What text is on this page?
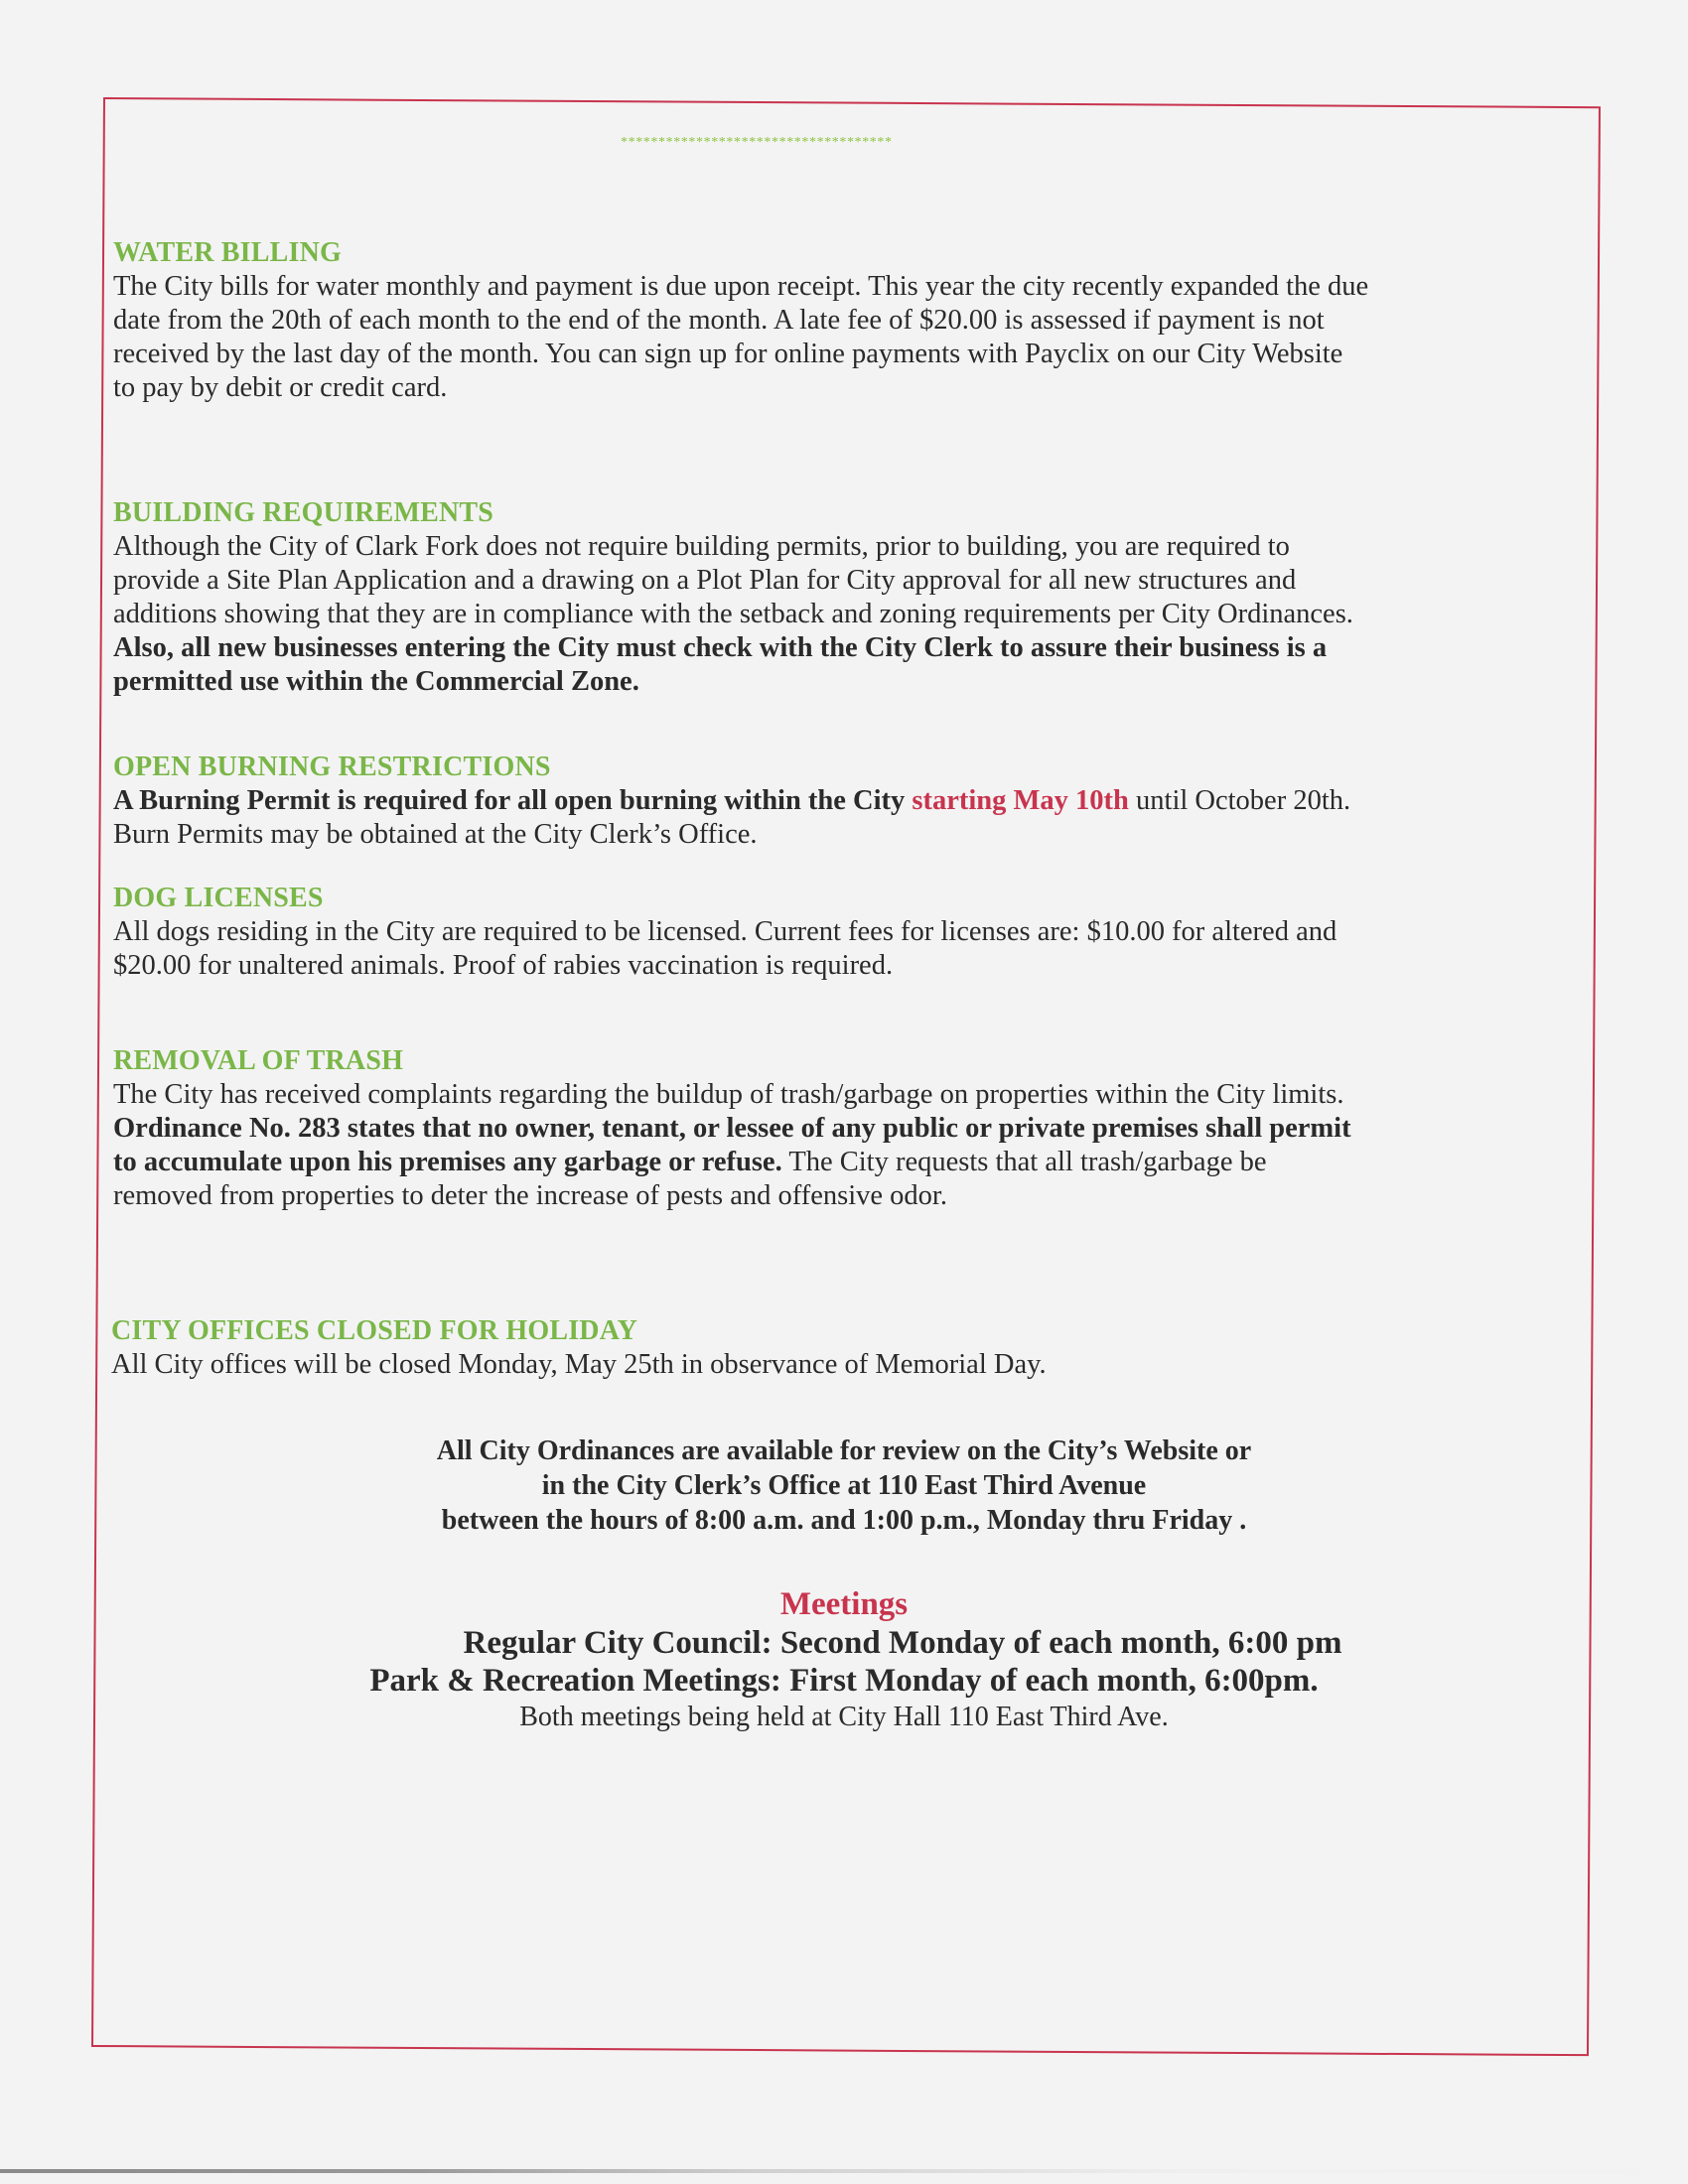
************************************
WATER BILLING
The City bills for water monthly and payment is due upon receipt. This year the city recently expanded the due
date from the 20th of each month to the end of the month. A late fee of $20.00 is assessed if payment is not
received by the last day of the month. You can sign up for online payments with Payclix on our City Website
to pay by debit or credit card.
BUILDING REQUIREMENTS
Although the City of Clark Fork does not require building permits, prior to building, you are required to
provide a Site Plan Application and a drawing on a Plot Plan for City approval for all new structures and
additions showing that they are in compliance with the setback and zoning requirements per City Ordinances.
Also, all new businesses entering the City must check with the City Clerk to assure their business is a
permitted use within the Commercial Zone.
OPEN BURNING RESTRICTIONS
A Burning Permit is required for all open burning within the City starting May 10th until October 20th.
Burn Permits may be obtained at the City Clerk’s Office.
DOG LICENSES
All dogs residing in the City are required to be licensed. Current fees for licenses are: $10.00 for altered and
$20.00 for unaltered animals. Proof of rabies vaccination is required.
REMOVAL OF TRASH
The City has received complaints regarding the buildup of trash/garbage on properties within the City limits.
Ordinance No. 283 states that no owner, tenant, or lessee of any public or private premises shall permit
to accumulate upon his premises any garbage or refuse. The City requests that all trash/garbage be
removed from properties to deter the increase of pests and offensive odor.
CITY OFFICES CLOSED FOR HOLIDAY
All City offices will be closed Monday, May 25th in observance of Memorial Day.
All City Ordinances are available for review on the City’s Website or
in the City Clerk’s Office at 110 East Third Avenue
between the hours of 8:00 a.m. and 1:00 p.m., Monday thru Friday .
Meetings
Regular City Council: Second Monday of each month, 6:00 pm
Park & Recreation Meetings: First Monday of each month, 6:00pm.
Both meetings being held at City Hall 110 East Third Ave.
